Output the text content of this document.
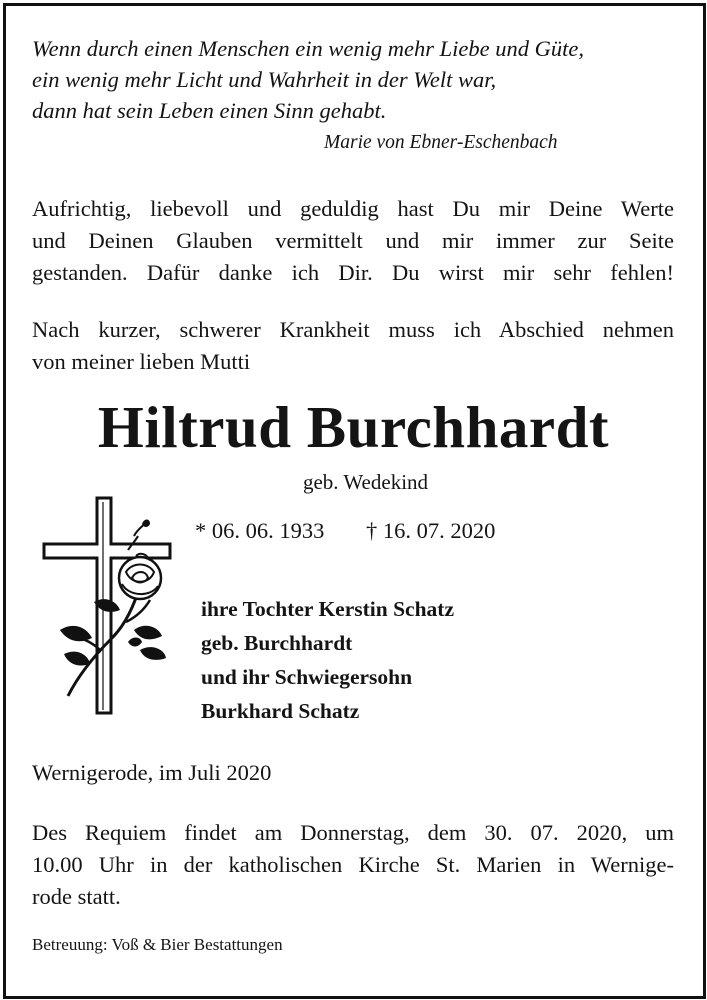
Wenn durch einen Menschen ein wenig mehr Liebe und Güte,
ein wenig mehr Licht und Wahrheit in der Welt war,
dann hat sein Leben einen Sinn gehabt.
Marie von Ebner-Eschenbach
Aufrichtig, liebevoll und geduldig hast Du mir Deine Werte
und Deinen Glauben vermittelt und mir immer zur Seite
gestanden. Dafür danke ich Dir. Du wirst mir sehr fehlen!
Nach kurzer, schwerer Krankheit muss ich Abschied nehmen
von meiner lieben Mutti
Hiltrud Burchhardt
geb. Wedekind
* 06. 06. 1933 † 16. 07. 2020
ihre Tochter Kerstin Schatz
geb. Burchhardt
und ihr Schwiegersohn
Burkhard Schatz
Wernigerode, im Juli 2020
Des Requiem findet am Donnerstag, dem 30. 07. 2020, um
10.00 Uhr in der katholischen Kirche St. Marien in Wernige-
rode statt.
Betreuung: Voß & Bier Bestattungen
